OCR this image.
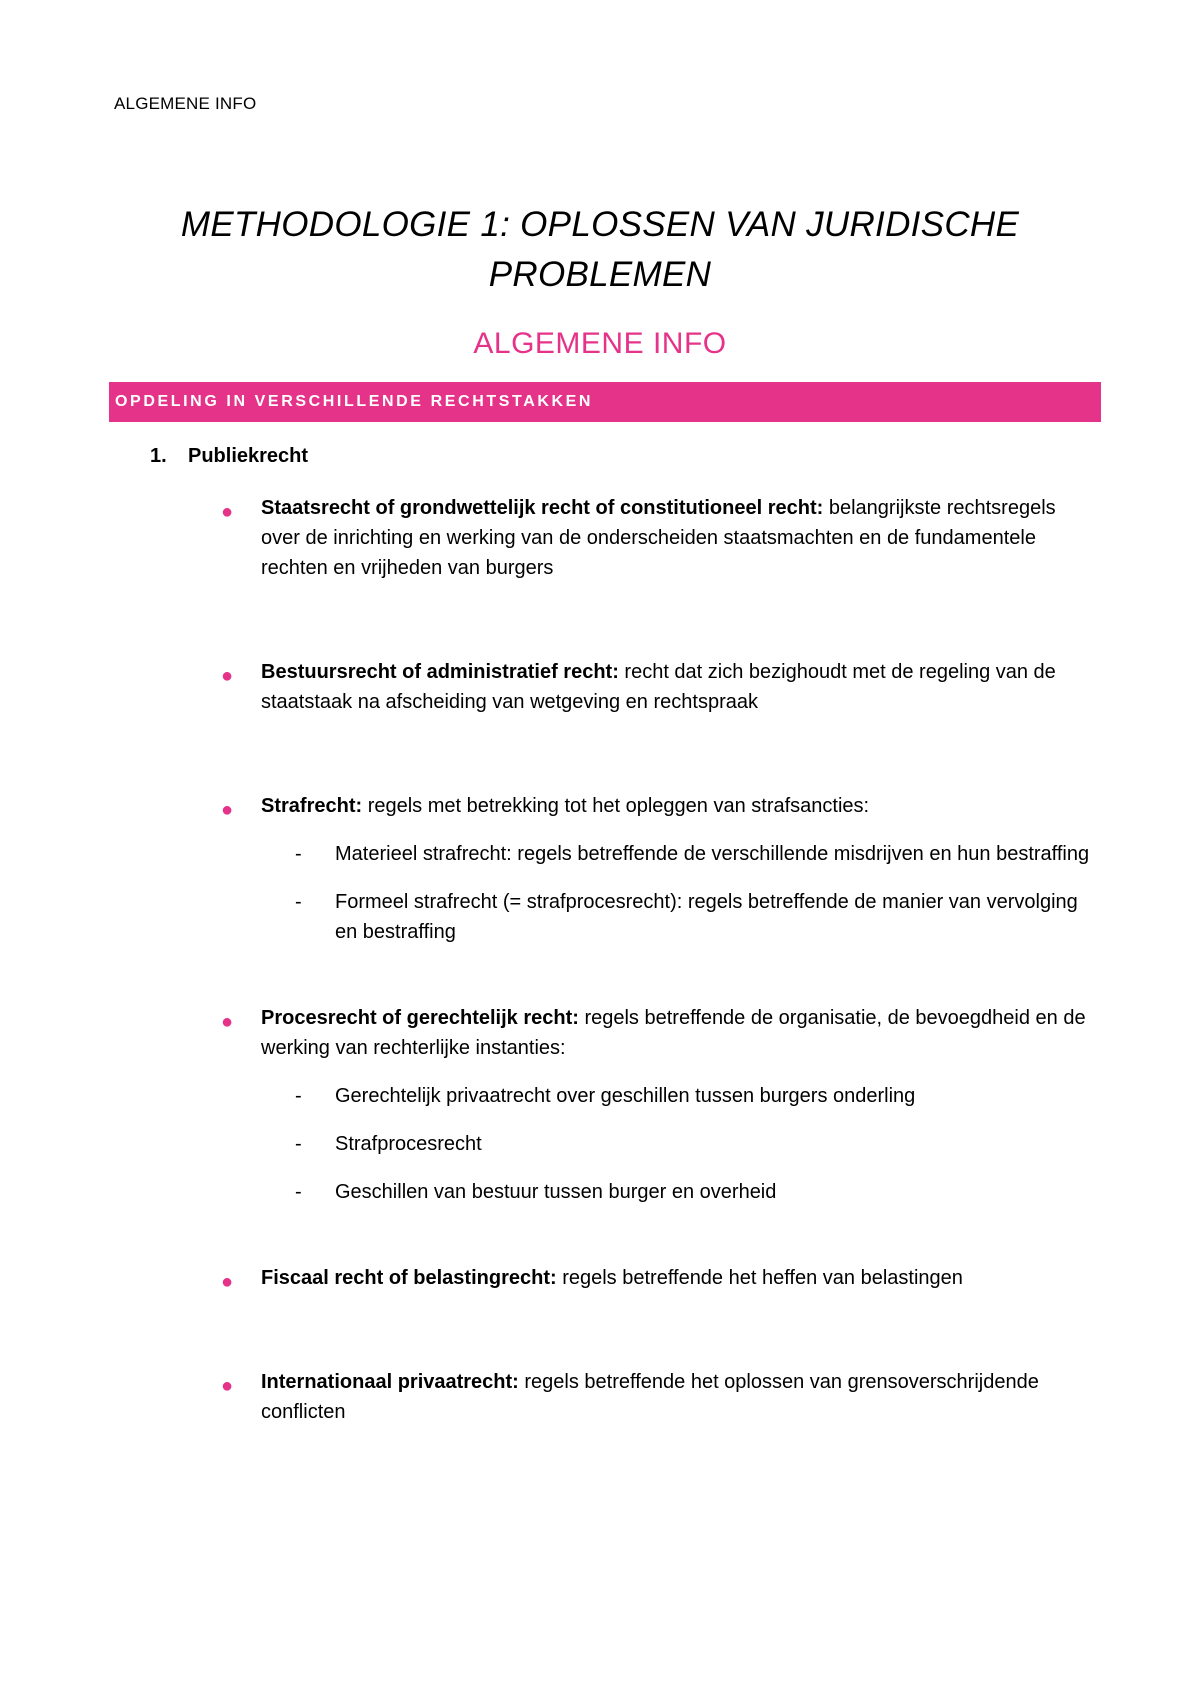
ALGEMENE INFO
METHODOLOGIE 1: OPLOSSEN VAN JURIDISCHE PROBLEMEN
ALGEMENE INFO
OPDELING IN VERSCHILLENDE RECHTSTAKKEN
1. Publiekrecht
● Staatsrecht of grondwettelijk recht of constitutioneel recht: belangrijkste rechtsregels over de inrichting en werking van de onderscheiden staatsmachten en de fundamentele rechten en vrijheden van burgers
● Bestuursrecht of administratief recht: recht dat zich bezighoudt met de regeling van de staatstaak na afscheiding van wetgeving en rechtspraak
● Strafrecht: regels met betrekking tot het opleggen van strafsancties:
- Materieel strafrecht: regels betreffende de verschillende misdrijven en hun bestraffing
- Formeel strafrecht (= strafprocesrecht): regels betreffende de manier van vervolging en bestraffing
● Procesrecht of gerechtelijk recht: regels betreffende de organisatie, de bevoegdheid en de werking van rechterlijke instanties:
- Gerechtelijk privaatrecht over geschillen tussen burgers onderling
- Strafprocesrecht
- Geschillen van bestuur tussen burger en overheid
● Fiscaal recht of belastingrecht: regels betreffende het heffen van belastingen
● Internationaal privaatrecht: regels betreffende het oplossen van grensoverschrijdende conflicten
